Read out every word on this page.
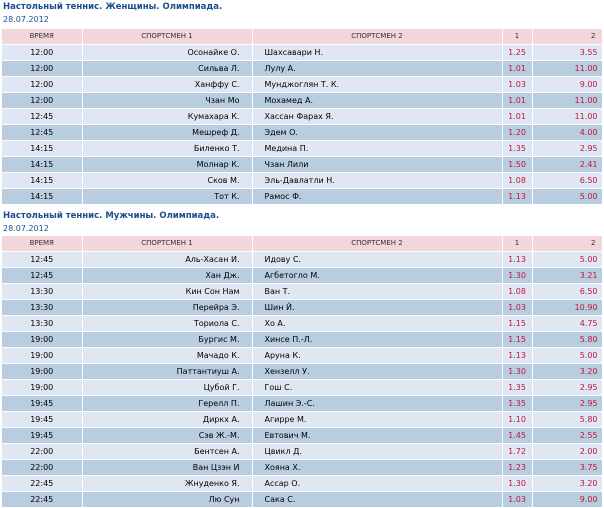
Настольный теннис. Женщины. Олимпиада.
28.07.2012
ВРЕМЯ	СПОРТСМЕН 1	СПОРТСМЕН 2	1	2
12:00	Осонайке О.	Шахсавари Н.	1.25	3.55
12:00	Сильва Л.	Лулу А.	1.01	11.00
12:00	Ханффу С.	Мунджоглян Т. К.	1.03	9.00
12:00	Чзан Мо	Мохамед А.	1.01	11.00
12:45	Кумахара К.	Хассан Фарах Я.	1.01	11.00
12:45	Мешреф Д.	Эдем О.	1.20	4.00
14:15	Биленко Т.	Медина П.	1.35	2.95
14:15	Молнар К.	Чзан Лили	1.50	2.41
14:15	Сков М.	Эль-Давлатли Н.	1.08	6.50
14:15	Тот К.	Рамос Ф.	1.13	5.00
Настольный теннис. Мужчины. Олимпиада.
28.07.2012
ВРЕМЯ	СПОРТСМЕН 1	СПОРТСМЕН 2	1	2
12:45	Аль-Хасан И.	Идову С.	1.13	5.00
12:45	Хан Дж.	Агбетогло М.	1.30	3.21
13:30	Кин Сон Нам	Ван Т.	1.08	6.50
13:30	Перейра Э.	Шин Й.	1.03	10.90
13:30	Ториола С.	Хо А.	1.15	4.75
19:00	Бургис М.	Хинсе П.-Л.	1.15	5.80
19:00	Мачадо К.	Аруна К.	1.13	5.00
19:00	Паттантиуш А.	Хензелл У.	1.30	3.20
19:00	Цубой Г.	Гош С.	1.35	2.95
19:45	Герелл П.	Лашин Э.-С.	1.35	2.95
19:45	Диркх А.	Агирре М.	1.10	5.80
19:45	Сэв Ж.-М.	Евтович М.	1.45	2.55
22:00	Бентсен А.	Цвикл Д.	1.72	2.00
22:00	Ван Цзэн И	Хояна Х.	1.23	3.75
22:45	Жнуденко Я.	Ассар О.	1.30	3.20
22:45	Лю Сун	Сака С.	1.03	9.00
